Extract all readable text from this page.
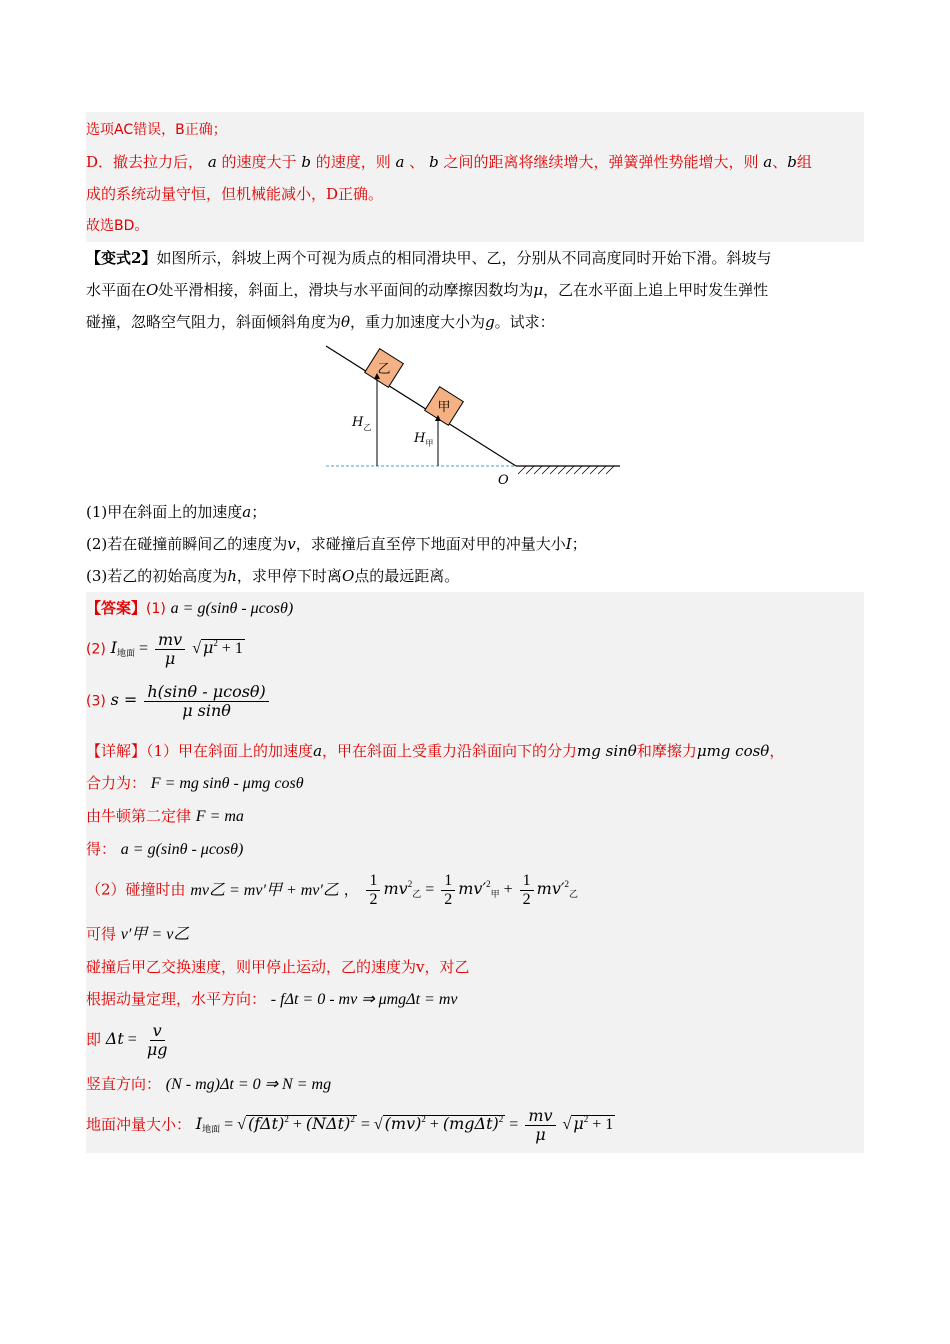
选项AC错误，B正确；
D．撤去拉力后， a 的速度大于 b 的速度，则 a 、 b 之间的距离将继续增大，弹簧弹性势能增大，则 a、b组
成的系统动量守恒，但机械能减小，D正确。
故选BD。
【变式2】如图所示，斜坡上两个可视为质点的相同滑块甲、乙，分别从不同高度同时开始下滑。斜坡与
水平面在O处平滑相接，斜面上，滑块与水平面间的动摩擦因数均为μ，乙在水平面上追上甲时发生弹性
碰撞，忽略空气阻力，斜面倾斜角度为θ，重力加速度大小为g。试求：
乙
甲
$H_乙$
$H_甲$
O
(1)甲在斜面上的加速度a；
(2)若在碰撞前瞬间乙的速度为v，求碰撞后直至停下地面对甲的冲量大小I；
(3)若乙的初始高度为h，求甲停下时离O点的最远距离。
【答案】(1) a = g(sinθ - μcosθ)
(2) $I_{地面} = \frac{mv}{\mu}$ √ $\mu^2 + 1$
(3) $s = \frac{h(\sin\theta - \mu\cos\theta)}{\text{μ sinθ}}$
【详解】（1）甲在斜面上的加速度a，甲在斜面上受重力沿斜面向下的分力mg sinθ和摩擦力μmg cosθ，
合力为： F = mg sinθ - μmg cosθ
由牛顿第二定律 F = ma
得： a = g(sinθ - μcosθ)
（2）碰撞时由 mv乙 = mv′甲 + mv′乙 ， $\frac{1}{2} mv^2_乙 = \frac{1}{2} mv'^2_甲 + \frac{1}{2} mv'^2_乙$
可得 v′甲 = v乙
碰撞后甲乙交换速度，则甲停止运动，乙的速度为v，对乙
根据动量定理，水平方向： - fΔt = 0 - mv ⇒ μmgΔt = mv
即 $\Delta t = \frac{v}{\mu g}$
竖直方向： (N - mg)Δt = 0 ⇒ N = mg
地面冲量大小： $I_{地面}$ = √ $(f\Delta t)^2 + (N\Delta t)^2$ = √ $(mv)^2 + (mg\Delta t)^2 = \frac{mv}{\mu}$ √ $\mu^2 + 1$
